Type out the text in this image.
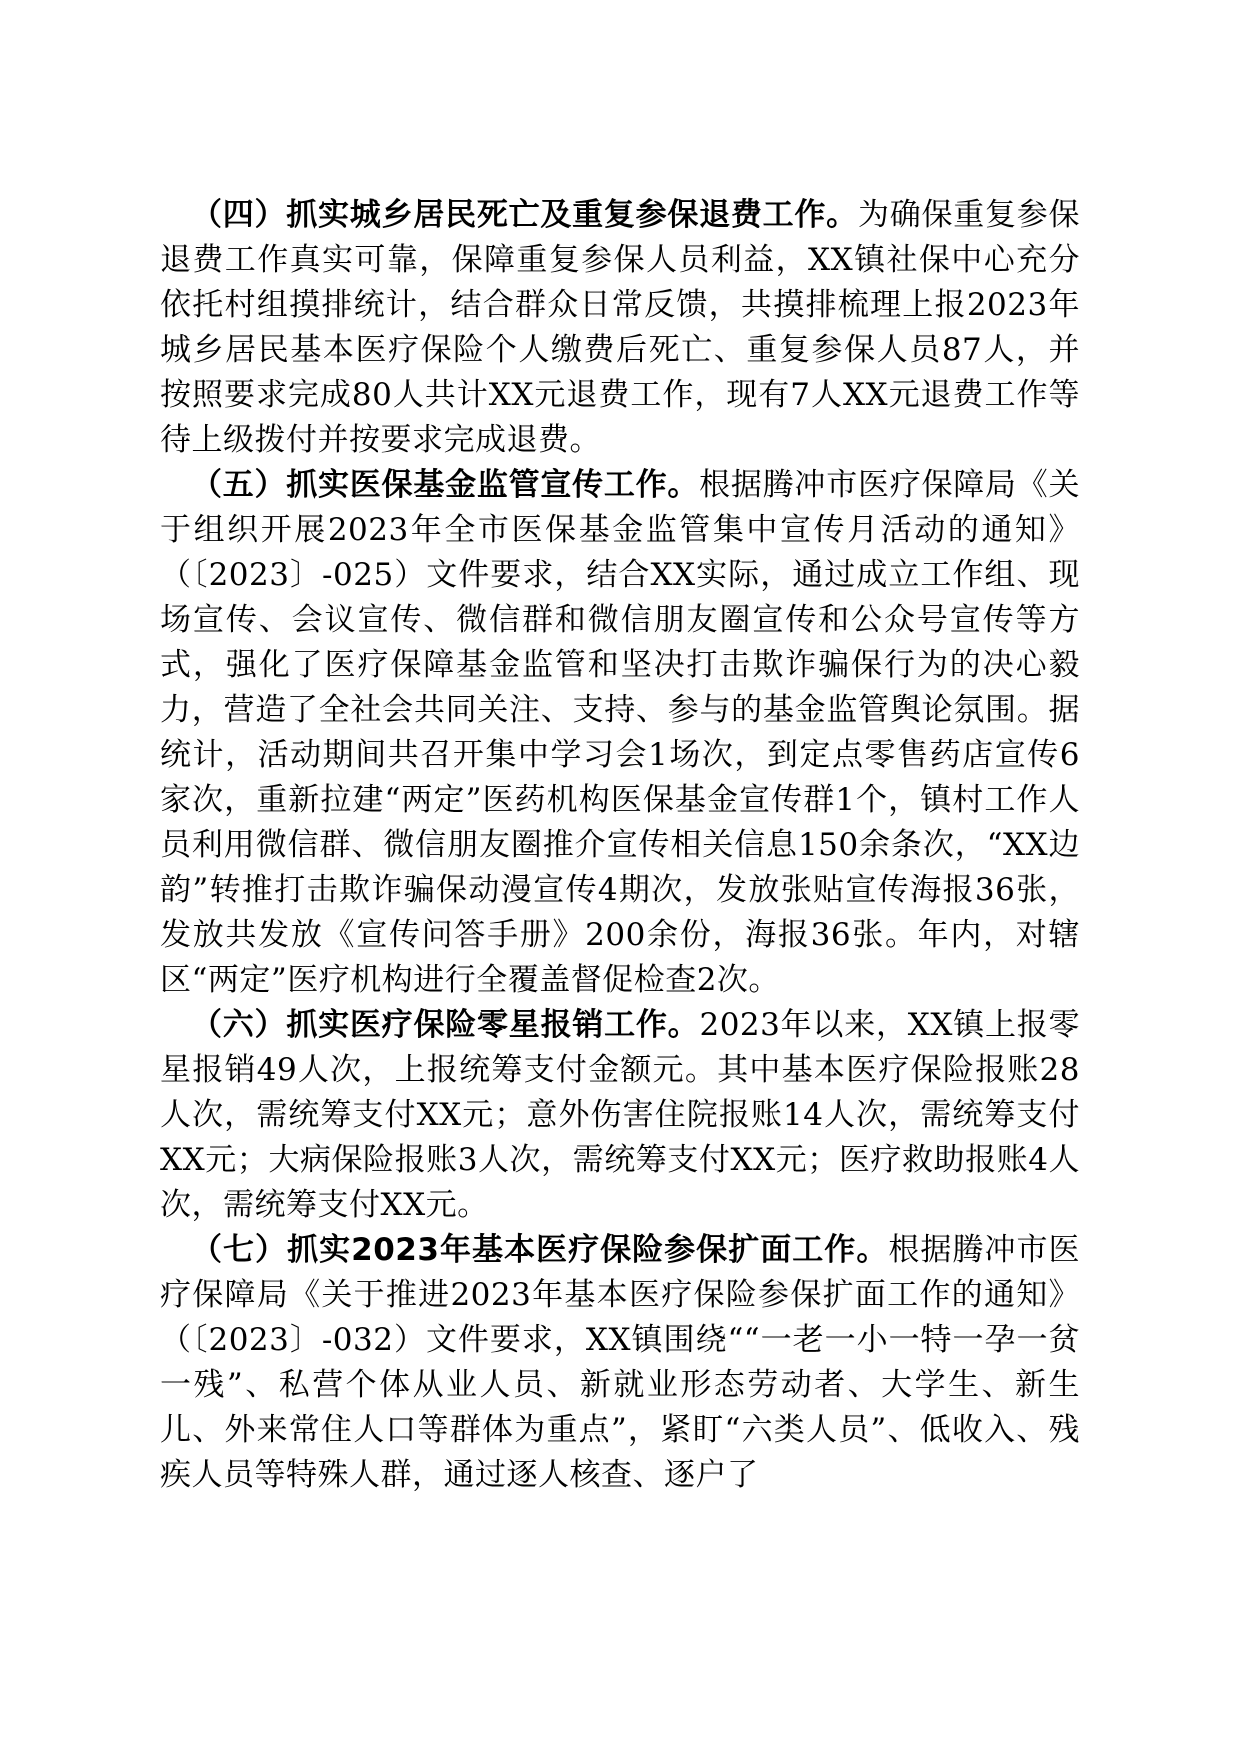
（四）抓实城乡居民死亡及重复参保退费工作。为确保重复参保退费工作真实可靠，保障重复参保人员利益，XX镇社保中心充分依托村组摸排统计，结合群众日常反馈，共摸排梳理上报2023年城乡居民基本医疗保险个人缴费后死亡、重复参保人员87人，并按照要求完成80人共计XX元退费工作，现有7人XX元退费工作等待上级拨付并按要求完成退费。

（五）抓实医保基金监管宣传工作。根据腾冲市医疗保障局《关于组织开展2023年全市医保基金监管集中宣传月活动的通知》（〔2023〕-025）文件要求，结合XX实际，通过成立工作组、现场宣传、会议宣传、微信群和微信朋友圈宣传和公众号宣传等方式，强化了医疗保障基金监管和坚决打击欺诈骗保行为的决心毅力，营造了全社会共同关注、支持、参与的基金监管舆论氛围。据统计，活动期间共召开集中学习会1场次，到定点零售药店宣传6家次，重新拉建“两定”医药机构医保基金宣传群1个，镇村工作人员利用微信群、微信朋友圈推介宣传相关信息150余条次，“XX边韵”转推打击欺诈骗保动漫宣传4期次，发放张贴宣传海报36张，发放共发放《宣传问答手册》200余份，海报36张。年内，对辖区“两定”医疗机构进行全覆盖督促检查2次。

（六）抓实医疗保险零星报销工作。2023年以来，XX镇上报零星报销49人次，上报统筹支付金额元。其中基本医疗保险报账28人次，需统筹支付XX元；意外伤害住院报账14人次，需统筹支付XX元；大病保险报账3人次，需统筹支付XX元；医疗救助报账4人次，需统筹支付XX元。

（七）抓实2023年基本医疗保险参保扩面工作。根据腾冲市医疗保障局《关于推进2023年基本医疗保险参保扩面工作的通知》（〔2023〕-032）文件要求，XX镇围绕““一老一小一特一孕一贫一残”、私营个体从业人员、新就业形态劳动者、大学生、新生儿、外来常住人口等群体为重点”，紧盯“六类人员”、低收入、残疾人员等特殊人群，通过逐人核查、逐户了
